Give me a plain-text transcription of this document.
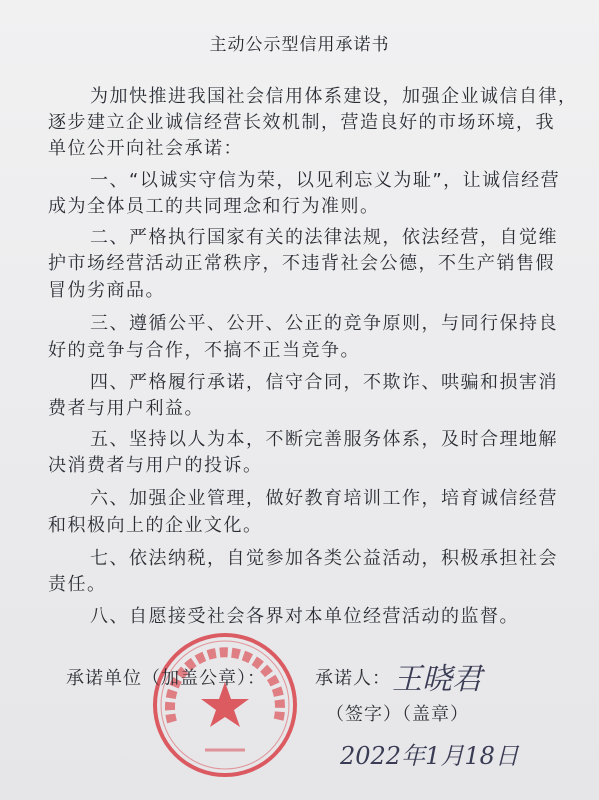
主动公示型信用承诺书
为加快推进我国社会信用体系建设，加强企业诚信自律，
逐步建立企业诚信经营长效机制，营造良好的市场环境，我
单位公开向社会承诺：
一、“以诚实守信为荣，以见利忘义为耻”，让诚信经营
成为全体员工的共同理念和行为准则。
二、严格执行国家有关的法律法规，依法经营，自觉维
护市场经营活动正常秩序，不违背社会公德，不生产销售假
冒伪劣商品。
三、遵循公平、公开、公正的竞争原则，与同行保持良
好的竞争与合作，不搞不正当竞争。
四、严格履行承诺，信守合同，不欺诈、哄骗和损害消
费者与用户利益。
五、坚持以人为本，不断完善服务体系，及时合理地解
决消费者与用户的投诉。
六、加强企业管理，做好教育培训工作，培育诚信经营
和积极向上的企业文化。
七、依法纳税，自觉参加各类公益活动，积极承担社会
责任。
八、自愿接受社会各界对本单位经营活动的监督。
承诺单位（加盖公章）：	承诺人： 王晓君
（签字）（盖章）
2022年1月18日
